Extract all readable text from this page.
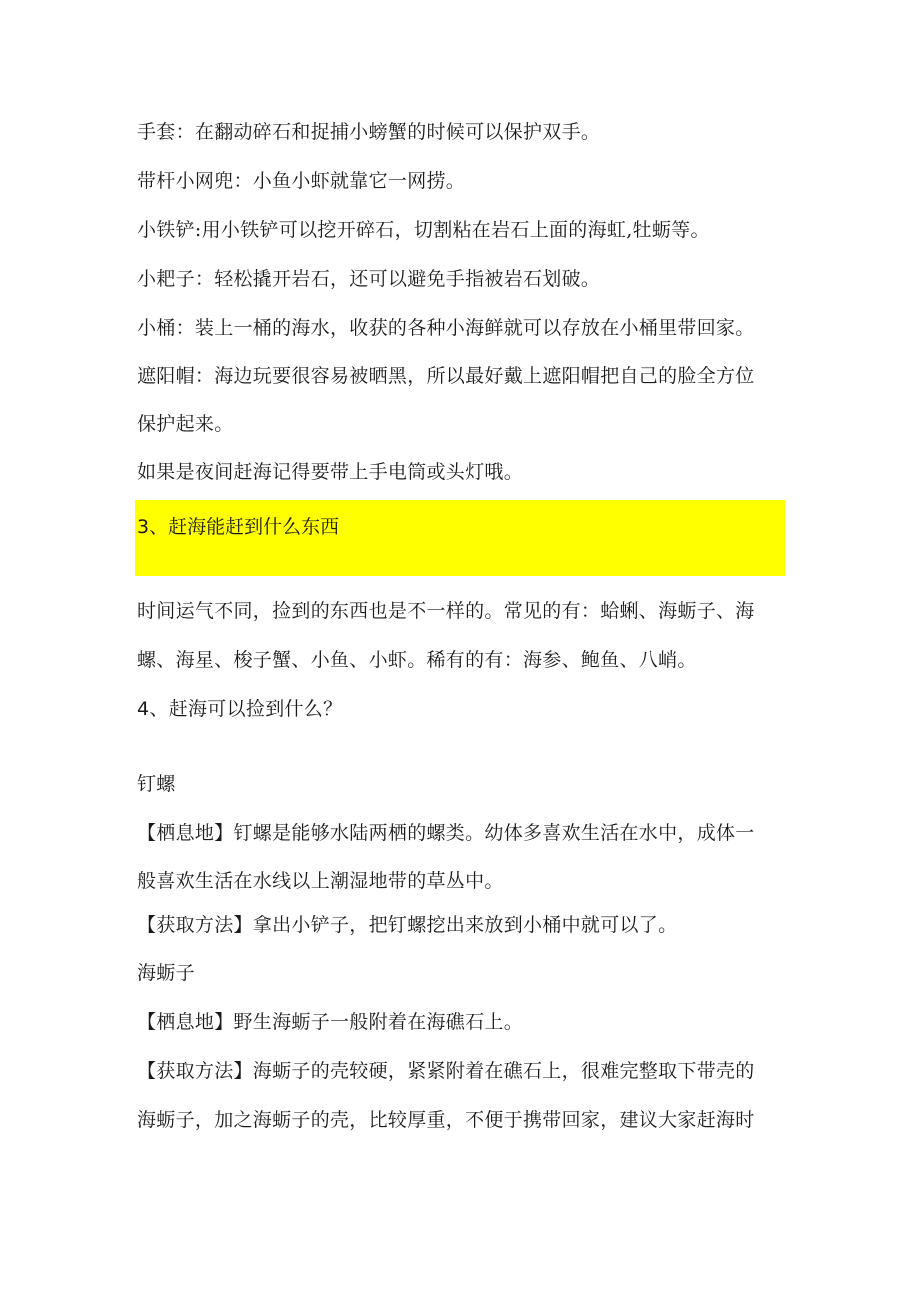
手套：在翻动碎石和捉捕小螃蟹的时候可以保护双手。
带杆小网兜：小鱼小虾就靠它一网捞。
小铁铲:用小铁铲可以挖开碎石，切割粘在岩石上面的海虹,牡蛎等。
小耙子：轻松撬开岩石，还可以避免手指被岩石划破。
小桶：装上一桶的海水，收获的各种小海鲜就可以存放在小桶里带回家。
遮阳帽：海边玩要很容易被晒黑，所以最好戴上遮阳帽把自己的脸全方位
保护起来。
如果是夜间赶海记得要带上手电筒或头灯哦。
3、赶海能赶到什么东西
时间运气不同，捡到的东西也是不一样的。常见的有：蛤蜊、海蛎子、海
螺、海星、梭子蟹、小鱼、小虾。稀有的有：海参、鲍鱼、八峭。
4、赶海可以捡到什么？
钉螺
【栖息地】钉螺是能够水陆两栖的螺类。幼体多喜欢生活在水中，成体一
般喜欢生活在水线以上潮湿地带的草丛中。
【获取方法】拿出小铲子，把钉螺挖出来放到小桶中就可以了。
海蛎子
【栖息地】野生海蛎子一般附着在海礁石上。
【获取方法】海蛎子的壳较硬，紧紧附着在礁石上，很难完整取下带壳的
海蛎子，加之海蛎子的壳，比较厚重，不便于携带回家，建议大家赶海时
